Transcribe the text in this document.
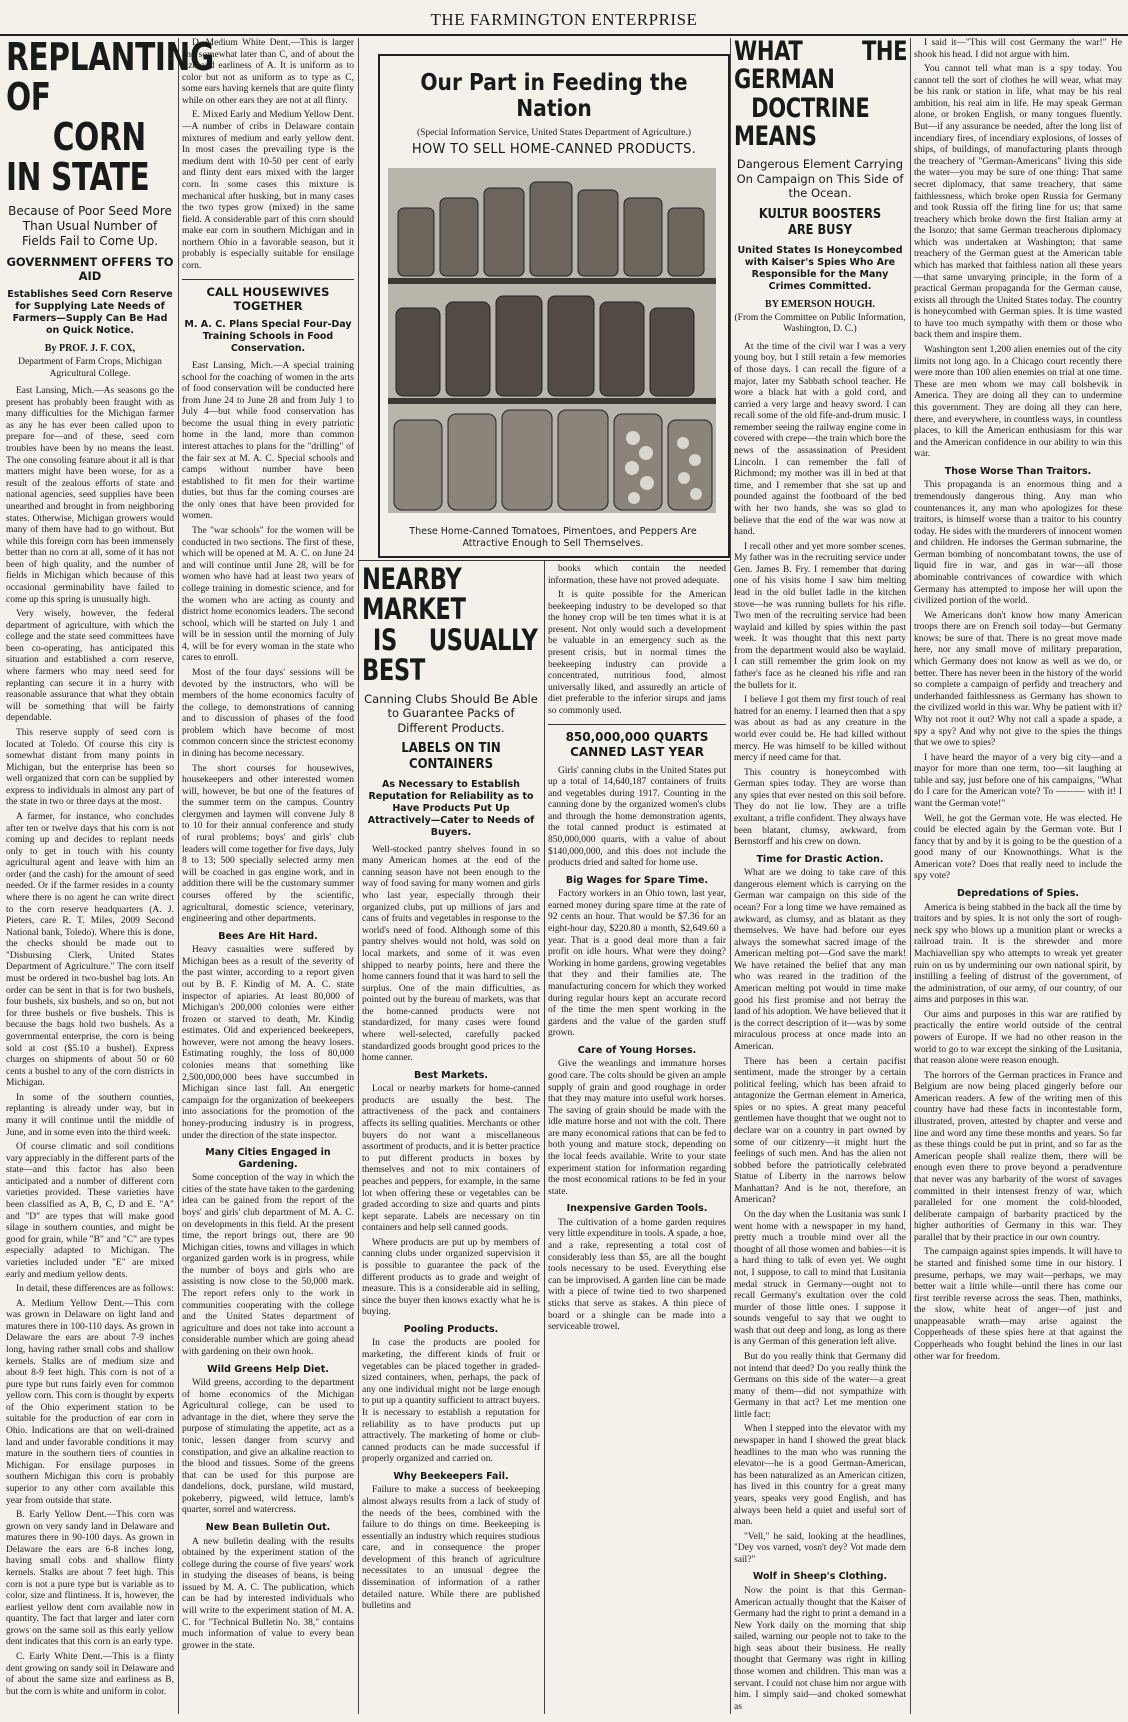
THE FARMINGTON ENTERPRISE
REPLANTING OF
CORN IN STATE
Because of Poor Seed More Than Usual Number of Fields Fail to Come Up.
GOVERNMENT OFFERS TO AID
Establishes Seed Corn Reserve for Supplying Late Needs of Farmers—Supply Can Be Had on Quick Notice.
By PROF. J. F. COX,
Department of Farm Crops, Michigan Agricultural College.

East Lansing, Mich.—As seasons go the present has probably been fraught with as many difficulties for the Michigan farmer as any he has ever been called upon to prepare for—and of these, seed corn troubles have been by no means the least. The one consoling feature about it all is that matters might have been worse, for as a result of the zealous efforts of state and national agencies, seed supplies have been unearthed and brought in from neighboring states. Otherwise, Michigan growers would many of them have had to go without. But while this foreign corn has been immensely better than no corn at all, some of it has not been of high quality, and the number of fields in Michigan which because of this occasional germinability have failed to come up this spring is unusually high.

Very wisely, however, the federal department of agriculture, with which the college and the state seed committees have been co-operating, has anticipated this situation and established a corn reserve, where farmers who may need seed for replanting can secure it in a hurry with reasonable assurance that what they obtain will be something that will be fairly dependable.

This reserve supply of seed corn is located at Toledo. Of course this city is somewhat distant from many points in Michigan, but the enterprise has been so well organized that corn can be supplied by express to individuals in almost any part of the state in two or three days at the most.

A farmer, for instance, who concludes after ten or twelve days that his corn is not coming up and decides to replant needs only to get in touch with his county agricultural agent and leave with him an order (and the cash) for the amount of seed needed. Or if the farmer resides in a county where there is no agent he can write direct to the corn reserve headquarters (A. J. Pieters, care R. T. Miles, 2009 Second National bank, Toledo). Where this is done, the checks should be made out to "Disbursing Clerk, United States Department of Agriculture." The corn itself must be ordered in two-bushel bag lots. An order can be sent in that is for two bushels, four bushels, six bushels, and so on, but not for three bushels or five bushels. This is because the bags hold two bushels. As a governmental enterprise, the corn is being sold at cost ($5.10 a bushel). Express charges on shipments of about 50 or 60 cents a bushel to any of the corn districts in Michigan.

In some of the southern counties, replanting is already under way, but in many it will continue until the middle of June, and in some even into the third week.

Of course climatic and soil conditions vary appreciably in the different parts of the state—and this factor has also been anticipated and a number of different corn varieties provided. These varieties have been classified as A, B, C, D and E. "A" and "D" are types that will make good silage in southern counties, and might be good for grain, while "B" and "C" are types especially adapted to Michigan. The varieties included under "E" are mixed early and medium yellow dents.

In detail, these differences are as follows:

A. Medium Yellow Dent.—This corn was grown in Delaware on light land and matures there in 100-110 days. As grown in Delaware the ears are about 7-9 inches long, having rather small cobs and shallow kernels. Stalks are of medium size and about 8-9 feet high. This corn is not of a pure type but runs fairly even for common yellow corn. This corn is thought by experts of the Ohio experiment station to be suitable for the production of ear corn in Ohio. Indications are that on well-drained land and under favorable conditions it may mature in the southern tiers of counties in Michigan. For ensilage purposes in southern Michigan this corn is probably superior to any other corn available this year from outside that state.

B. Early Yellow Dent.—This corn was grown on very sandy land in Delaware and matures there in 90-100 days. As grown in Delaware the ears are 6-8 inches long, having small cobs and shallow flinty kernels. Stalks are about 7 feet high. This corn is not a pure type but is variable as to color, size and flintiness. It is, however, the earliest yellow dent corn available now in quantity. The fact that larger and later corn grows on the same soil as this early yellow dent indicates that this corn is an early type.

C. Early White Dent.—This is a flinty dent growing on sandy soil in Delaware and of about the same size and earliness as B, but the corn is white and uniform in color.

D. Medium White Dent.—This is larger and somewhat later than C, and of about the size and earliness of A. It is uniform as to color but not as uniform as to type as C, some ears having kernels that are quite flinty while on other ears they are not at all flinty.

E. Mixed Early and Medium Yellow Dent.—A number of cribs in Delaware contain mixtures of medium and early yellow dent. In most cases the prevailing type is the medium dent with 10-50 per cent of early and flinty dent ears mixed with the larger corn. In some cases this mixture is mechanical after husking, but in many cases the two types grow (mixed) in the same field. A considerable part of this corn should make ear corn in southern Michigan and in northern Ohio in a favorable season, but it probably is especially suitable for ensilage corn.

CALL HOUSEWIVES TOGETHER
M. A. C. Plans Special Four-Day Training Schools in Food Conservation.

East Lansing, Mich.—A special training school for the coaching of women in the arts of food conservation will be conducted here from June 24 to June 28 and from July 1 to July 4—but while food conservation has become the usual thing in every patriotic home in the land, more than common interest attaches to plans for the "drilling" of the fair sex at M. A. C. Special schools and camps without number have been established to fit men for their wartime duties, but thus far the coming courses are the only ones that have been provided for women.

The "war schools" for the women will be conducted in two sections. The first of these, which will be opened at M. A. C. on June 24 and will continue until June 28, will be for women who have had at least two years of college training in domestic science, and for the women who are acting as county and district home economics leaders. The second school, which will be started on July 1 and will be in session until the morning of July 4, will be for every woman in the state who cares to enroll.

Most of the four days' sessions will be devoted by the instructors, who will be members of the home economics faculty of the college, to demonstrations of canning and to discussion of phases of the food problem which have become of most common concern since the strictest economy in dining has become necessary.

The short courses for housewives, housekeepers and other interested women will, however, be but one of the features of the summer term on the campus. Country clergymen and laymen will convene July 8 to 10 for their annual conference and study of rural problems; boys' and girls' club leaders will come together for five days, July 8 to 13; 500 specially selected army men will be coached in gas engine work, and in addition there will be the customary summer courses offered by the scientific, agricultural, domestic science, veterinary, engineering and other departments.

Bees Are Hit Hard.

Heavy casualties were suffered by Michigan bees as a result of the severity of the past winter, according to a report given out by B. F. Kindig of M. A. C. state inspector of apiaries. At least 80,000 of Michigan's 200,000 colonies were either frozen or starved to death, Mr. Kindig estimates. Old and experienced beekeepers, however, were not among the heavy losers. Estimating roughly, the loss of 80,000 colonies means that something like 2,500,000,000 bees have succumbed in Michigan since last fall. An energetic campaign for the organization of beekeepers into associations for the promotion of the honey-producing industry is in progress, under the direction of the state inspector.

Many Cities Engaged in Gardening.

Some conception of the way in which the cities of the state have taken to the gardening idea can be gained from the report of the boys' and girls' club department of M. A. C. on developments in this field. At the present time, the report brings out, there are 90 Michigan cities, towns and villages in which organized garden work is in progress, while the number of boys and girls who are assisting is now close to the 50,000 mark. The report refers only to the work in communities cooperating with the college and the United States department of agriculture and does not take into account a considerable number which are going ahead with gardening on their own hook.

Wild Greens Help Diet.

Wild greens, according to the department of home economics of the Michigan Agricultural college, can be used to advantage in the diet, where they serve the purpose of stimulating the appetite, act as a tonic, lessen danger from scurvy and constipation, and give an alkaline reaction to the blood and tissues. Some of the greens that can be used for this purpose are dandelions, dock, purslane, wild mustard, pokeberry, pigweed, wild lettuce, lamb's quarter, sorrel and watercress.

New Bean Bulletin Out.

A new bulletin dealing with the results obtained by the experiment station of the college during the course of five years' work in studying the diseases of beans, is being issued by M. A. C. The publication, which can be had by interested individuals who will write to the experiment station of M. A. C. for "Technical Bulletin No. 38," contains much information of value to every bean grower in the state.

Our Part in Feeding the Nation
(Special Information Service, United States Department of Agriculture.)
HOW TO SELL HOME-CANNED PRODUCTS.
These Home-Canned Tomatoes, Pimentoes, and Peppers Are Attractive Enough to Sell Themselves.
NEARBY MARKET
IS USUALLY BEST
Canning Clubs Should Be Able to Guarantee Packs of Different Products.
LABELS ON TIN CONTAINERS
As Necessary to Establish Reputation for Reliability as to Have Products Put Up Attractively—Cater to Needs of Buyers.

Well-stocked pantry shelves found in so many American homes at the end of the canning season have not been enough to the way of food saving for many women and girls who last year, especially through their organized clubs, put up millions of jars and cans of fruits and vegetables in response to the world's need of food. Although some of this pantry shelves would not hold, was sold on local markets, and some of it was even shipped to nearby points, here and there the home canners found that it was hard to sell the surplus. One of the main difficulties, as pointed out by the bureau of markets, was that the home-canned products were not standardized, for many cases were found where well-selected, carefully packed standardized goods brought good prices to the home canner.

Best Markets.

Local or nearby markets for home-canned products are usually the best. The attractiveness of the pack and containers affects its selling qualities. Merchants or other buyers do not want a miscellaneous assortment of products, and it is better practice to put different products in boxes by themselves and not to mix containers of peaches and peppers, for example, in the same lot when offering these or vegetables can be graded according to size and quarts and pints kept separate. Labels are necessary on tin containers and help sell canned goods.

Where products are put up by members of canning clubs under organized supervision it is possible to guarantee the pack of the different products as to grade and weight of measure. This is a considerable aid in selling, since the buyer then knows exactly what he is buying.

Pooling Products.

In case the products are pooled for marketing, the different kinds of fruit or vegetables can be placed together in graded-sized containers, when, perhaps, the pack of any one individual might not be large enough to put up a quantity sufficient to attract buyers. It is necessary to establish a reputation for reliability as to have products put up attractively. The marketing of home or club-canned products can be made successful if properly organized and carried on.

Why Beekeepers Fail.

Failure to make a success of beekeeping almost always results from a lack of study of the needs of the bees, combined with the failure to do things on time. Beekeeping is essentially an industry which requires studious care, and in consequence the proper development of this branch of agriculture necessitates to an unusual degree the dissemination of information of a rather detailed nature. While there are published bulletins and

books which contain the needed information, these have not proved adequate.

It is quite possible for the American beekeeping industry to be developed so that the honey crop will be ten times what it is at present. Not only would such a development be valuable in an emergency such as the present crisis, but in normal times the beekeeping industry can provide a concentrated, nutritious food, almost universally liked, and assuredly an article of diet preferable to the inferior sirups and jams so commonly used.

850,000,000 QUARTS CANNED LAST YEAR

Girls' canning clubs in the United States put up a total of 14,640,187 containers of fruits and vegetables during 1917. Counting in the canning done by the organized women's clubs and through the home demonstration agents, the total canned product is estimated at 850,000,000 quarts, with a value of about $140,000,000, and this does not include the products dried and salted for home use.

Big Wages for Spare Time.

Factory workers in an Ohio town, last year, earned money during spare time at the rate of 92 cents an hour. That would be $7.36 for an eight-hour day, $220.80 a month, $2,649.60 a year. That is a good deal more than a fair profit on idle hours. What were they doing? Working in home gardens, growing vegetables that they and their families ate. The manufacturing concern for which they worked during regular hours kept an accurate record of the time the men spent working in the gardens and the value of the garden stuff grown.

Care of Young Horses.

Give the weanlings and immature horses good care. The colts should be given an ample supply of grain and good roughage in order that they may mature into useful work horses. The saving of grain should be made with the idle mature horse and not with the colt. There are many economical rations that can be fed to both young and mature stock, depending on the local feeds available. Write to your state experiment station for information regarding the most economical rations to be fed in your state.

Inexpensive Garden Tools.

The cultivation of a home garden requires very little expenditure in tools. A spade, a hoe, and a rake, representing a total cost of considerably less than $5, are all the bought tools necessary to be used. Everything else can be improvised. A garden line can be made with a piece of twine tied to two sharpened sticks that serve as stakes. A thin piece of board or a shingle can be made into a serviceable trowel.

WHAT THE GERMAN
DOCTRINE MEANS
Dangerous Element Carrying On Campaign on This Side of the Ocean.
KULTUR BOOSTERS ARE BUSY
United States Is Honeycombed with Kaiser's Spies Who Are Responsible for the Many Crimes Committed.
BY EMERSON HOUGH.
(From the Committee on Public Information, Washington, D. C.)

At the time of the civil war I was a very young boy, but I still retain a few memories of those days. I can recall the figure of a major, later my Sabbath school teacher. He wore a black hat with a gold cord, and carried a very large and heavy sword. I can recall some of the old fife-and-drum music. I remember seeing the railway engine come in covered with crepe—the train which bore the news of the assassination of President Lincoln. I can remember the fall of Richmond; my mother was ill in bed at that time, and I remember that she sat up and pounded against the footboard of the bed with her two hands, she was so glad to believe that the end of the war was now at hand.

I recall other and yet more somber scenes. My father was in the recruiting service under Gen. James B. Fry. I remember that during one of his visits home I saw him melting lead in the old bullet ladle in the kitchen stove—he was running bullets for his rifle. Two men of the recruiting service had been waylaid and killed by spies within the past week. It was thought that this next party from the department would also be waylaid. I can still remember the grim look on my father's face as he cleaned his rifle and ran the bullets for it.

I believe I got them my first touch of real hatred for an enemy. I learned then that a spy was about as bad as any creature in the world ever could be. He had killed without mercy. He was himself to be killed without mercy if need came for that.

This country is honeycombed with German spies today. They are worse than any spies that ever nested on this soil before. They do not lie low. They are a trifle exultant, a trifle confident. They always have been blatant, clumsy, awkward, from Bernstorff and his crew on down.

Time for Drastic Action.

What are we doing to take care of this dangerous element which is carrying on the German war campaign on this side of the ocean? For a long time we have remained as awkward, as clumsy, and as blatant as they themselves. We have had before our eyes always the somewhat sacred image of the American melting pot—God save the mark! We have retained the belief that any man who was reared in the tradition of the American melting pot would in time make good his first promise and not betray the land of his adoption. We have believed that it is the correct description of it—was by some miraculous process at once made into an American.

There has been a certain pacifist sentiment, made the stronger by a certain political feeling, which has been afraid to antagonize the German element in America, spies or no spies. A great many peaceful gentlemen have thought that we ought not to declare war on a country in part owned by some of our citizenry—it might hurt the feelings of such men. And has the alien not sobbed before the patriotically celebrated Statue of Liberty in the narrows below Manhattan? And is he not, therefore, an American?

On the day when the Lusitania was sunk I went home with a newspaper in my hand, pretty much a trouble mind over all the thought of all those women and babies—it is a hard thing to talk of even yet. We ought not, I suppose, to call to mind that Lusitania medal struck in Germany—ought not to recall Germany's exultation over the cold murder of those little ones. I suppose it sounds vengeful to say that we ought to wash that out deep and long, as long as there is any German of this generation left alive.

But do you really think that Germany did not intend that deed? Do you really think the Germans on this side of the water—a great many of them—did not sympathize with Germany in that act? Let me mention one little fact:

When I stepped into the elevator with my newspaper in hand I showed the great black headlines to the man who was running the elevator—he is a good German-American, has been naturalized as an American citizen, has lived in this country for a great many years, speaks very good English, and has always been held a quiet and useful sort of man.

"Vell," he said, looking at the headlines, "Dey vos varned, vosn't dey? Vot made dem sail?"

Wolf in Sheep's Clothing.

Now the point is that this German-American actually thought that the Kaiser of Germany had the right to print a demand in a New York daily on the morning that ship sailed, warning our people not to take to the high seas about their business. He really thought that Germany was right in killing those women and children. This man was a servant. I could not chase him nor argue with him. I simply said—and choked somewhat as

I said it—"This will cost Germany the war!" He shook his head. I did not argue with him.

You cannot tell what man is a spy today. You cannot tell the sort of clothes he will wear, what may be his rank or station in life, what may be his real ambition, his real aim in life. He may speak German alone, or broken English, or many tongues fluently. But—if any assurance be needed, after the long list of incendiary fires, of incendiary explosions, of losses of ships, of buildings, of manufacturing plants through the treachery of "German-Americans" living this side the water—you may be sure of one thing: That same secret diplomacy, that same treachery, that same faithlessness, which broke open Russia for Germany and took Russia off the firing line for us; that same treachery which broke down the first Italian army at the Isonzo; that same German treacherous diplomacy which was undertaken at Washington; that same treachery of the German guest at the American table which has marked that faithless nation all these years—that same unvarying principle, in the form of a practical German propaganda for the German cause, exists all through the United States today. The country is honeycombed with German spies. It is time wasted to have too much sympathy with them or those who back them and inspire them.

Washington sent 1,200 alien enemies out of the city limits not long ago. In a Chicago court recently there were more than 100 alien enemies on trial at one time. These are men whom we may call bolshevik in America. They are doing all they can to undermine this government. They are doing all they can here, there, and everywhere, in countless ways, in countless places, to kill the American enthusiasm for this war and the American confidence in our ability to win this war.

Those Worse Than Traitors.

This propaganda is an enormous thing and a tremendously dangerous thing. Any man who countenances it, any man who apologizes for these traitors, is himself worse than a traitor to his country today. He sides with the murderers of innocent women and children. He indorses the German submarine, the German bombing of noncombatant towns, the use of liquid fire in war, and gas in war—all those abominable contrivances of cowardice with which Germany has attempted to impose her will upon the civilized portion of the world.

We Americans don't know how many American troops there are on French soil today—but Germany knows; be sure of that. There is no great move made here, nor any small move of military preparation, which Germany does not know as well as we do, or better. There has never been in the history of the world so complete a campaign of perfidy and treachery and underhanded faithlessness as Germany has shown to the civilized world in this war. Why be patient with it? Why not root it out? Why not call a spade a spade, a spy a spy? And why not give to the spies the things that we owe to spies?

I have heard the mayor of a very big city—and a mayor for more than one term, too—sit laughing at table and say, just before one of his campaigns, "What do I care for the American vote? To ——— with it! I want the German vote!"

Well, he got the German vote. He was elected. He could be elected again by the German vote. But I fancy that by and by it is going to be the question of a good many of our Knownothings. What is the American vote? Does that really need to include the spy vote?

Depredations of Spies.

America is being stabbed in the back all the time by traitors and by spies. It is not only the sort of rough-neck spy who blows up a munition plant or wrecks a railroad train. It is the shrewder and more Machiavellian spy who attempts to wreak yet greater ruin on us by undermining our own national spirit, by instilling a feeling of distrust of the government, of the administration, of our army, of our country, of our aims and purposes in this war.

Our aims and purposes in this war are ratified by practically the entire world outside of the central powers of Europe. If we had no other reason in the world to go to war except the sinking of the Lusitania, that reason alone were reason enough.

The horrors of the German practices in France and Belgium are now being placed gingerly before our American readers. A few of the writing men of this country have had these facts in incontestable form, illustrated, proven, attested by chapter and verse and line and word any time these months and years. So far as these things could be put in print, and so far as the American people shall realize them, there will be enough even there to prove beyond a peradventure that never was any barbarity of the worst of savages committed in their intensest frenzy of war, which paralleled for one moment the cold-blooded, deliberate campaign of barbarity practiced by the higher authorities of Germany in this war. They parallel that by their practice in our own country.

The campaign against spies impends. It will have to be started and finished some time in our history. I presume, perhaps, we may wait—perhaps, we may better wait a little while—until there has come our first terrible reverse across the seas. Then, mathinks, the slow, white heat of anger—of just and unappeasable wrath—may arise against the Copperheads of these spies here at that against the Copperheads who fought behind the lines in our last other war for freedom.
